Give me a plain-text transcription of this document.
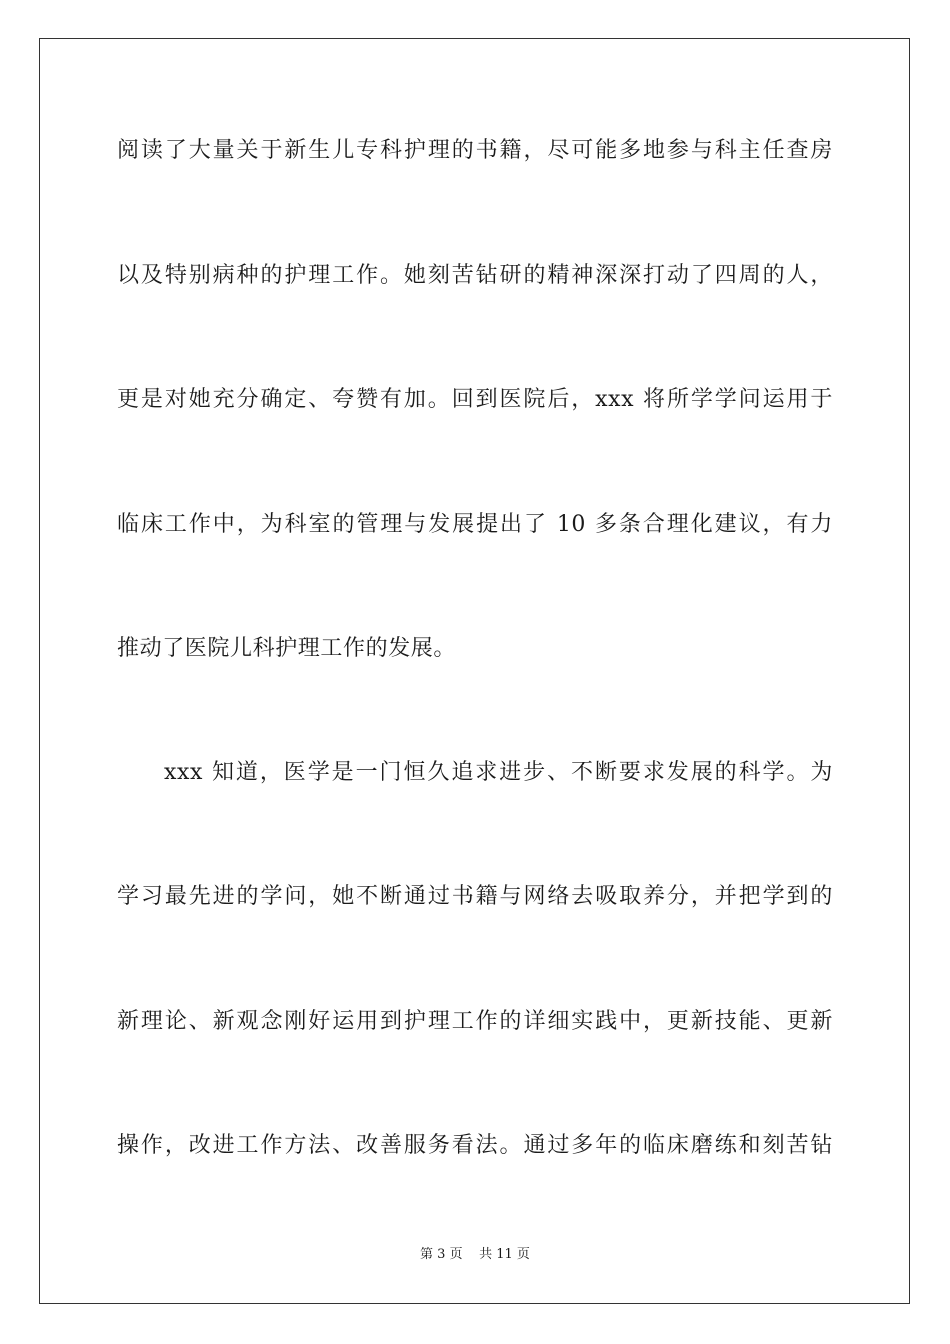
阅读了大量关于新生儿专科护理的书籍，尽可能多地参与科主任查房
以及特别病种的护理工作。她刻苦钻研的精神深深打动了四周的人，
更是对她充分确定、夸赞有加。回到医院后，xxx 将所学学问运用于
临床工作中，为科室的管理与发展提出了 10 多条合理化建议，有力
推动了医院儿科护理工作的发展。
xxx 知道，医学是一门恒久追求进步、不断要求发展的科学。为
学习最先进的学问，她不断通过书籍与网络去吸取养分，并把学到的
新理论、新观念刚好运用到护理工作的详细实践中，更新技能、更新
操作，改进工作方法、改善服务看法。通过多年的临床磨练和刻苦钻
第 3 页 共 11 页
